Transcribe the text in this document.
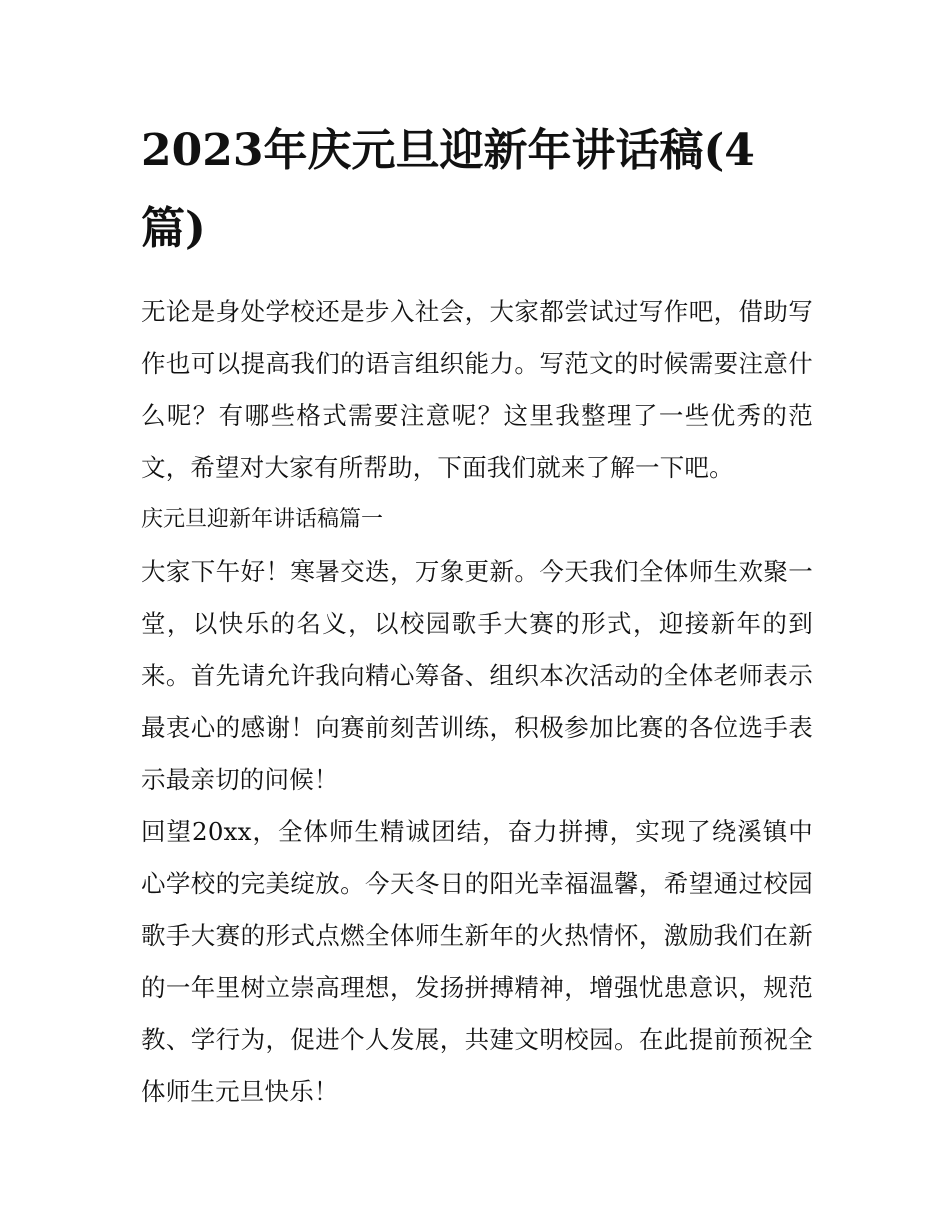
2023年庆元旦迎新年讲话稿(4篇)

无论是身处学校还是步入社会，大家都尝试过写作吧，借助写作也可以提高我们的语言组织能力。写范文的时候需要注意什么呢？有哪些格式需要注意呢？这里我整理了一些优秀的范文，希望对大家有所帮助，下面我们就来了解一下吧。

庆元旦迎新年讲话稿篇一

大家下午好！寒暑交迭，万象更新。今天我们全体师生欢聚一堂，以快乐的名义，以校园歌手大赛的形式，迎接新年的到来。首先请允许我向精心筹备、组织本次活动的全体老师表示最衷心的感谢！向赛前刻苦训练，积极参加比赛的各位选手表示最亲切的问候！

回望20xx，全体师生精诚团结，奋力拼搏，实现了绕溪镇中心学校的完美绽放。今天冬日的阳光幸福温馨，希望通过校园歌手大赛的形式点燃全体师生新年的火热情怀，激励我们在新的一年里树立崇高理想，发扬拼搏精神，增强忧患意识，规范教、学行为，促进个人发展，共建文明校园。在此提前预祝全体师生元旦快乐！
